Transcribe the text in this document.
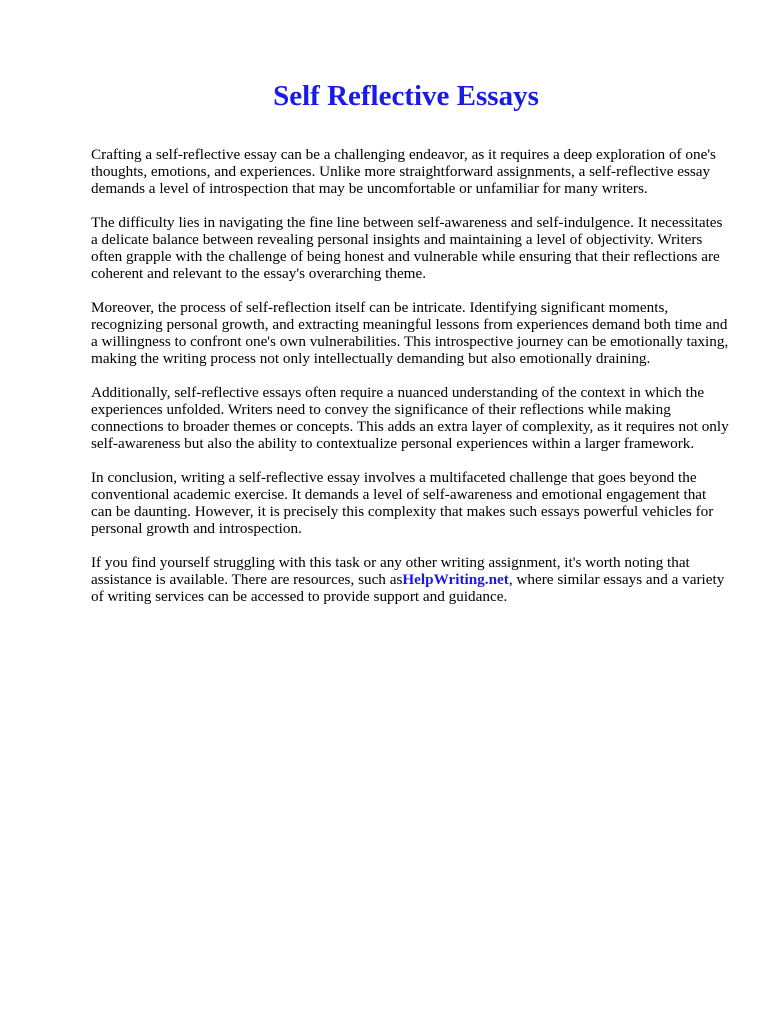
Self Reflective Essays

Crafting a self-reflective essay can be a challenging endeavor, as it requires a deep exploration of one's thoughts, emotions, and experiences. Unlike more straightforward assignments, a self-reflective essay demands a level of introspection that may be uncomfortable or unfamiliar for many writers.

The difficulty lies in navigating the fine line between self-awareness and self-indulgence. It necessitates a delicate balance between revealing personal insights and maintaining a level of objectivity. Writers often grapple with the challenge of being honest and vulnerable while ensuring that their reflections are coherent and relevant to the essay's overarching theme.

Moreover, the process of self-reflection itself can be intricate. Identifying significant moments, recognizing personal growth, and extracting meaningful lessons from experiences demand both time and a willingness to confront one's own vulnerabilities. This introspective journey can be emotionally taxing, making the writing process not only intellectually demanding but also emotionally draining.

Additionally, self-reflective essays often require a nuanced understanding of the context in which the experiences unfolded. Writers need to convey the significance of their reflections while making connections to broader themes or concepts. This adds an extra layer of complexity, as it requires not only self-awareness but also the ability to contextualize personal experiences within a larger framework.

In conclusion, writing a self-reflective essay involves a multifaceted challenge that goes beyond the conventional academic exercise. It demands a level of self-awareness and emotional engagement that can be daunting. However, it is precisely this complexity that makes such essays powerful vehicles for personal growth and introspection.

If you find yourself struggling with this task or any other writing assignment, it's worth noting that assistance is available. There are resources, such asHelpWriting.net, where similar essays and a variety of writing services can be accessed to provide support and guidance.
